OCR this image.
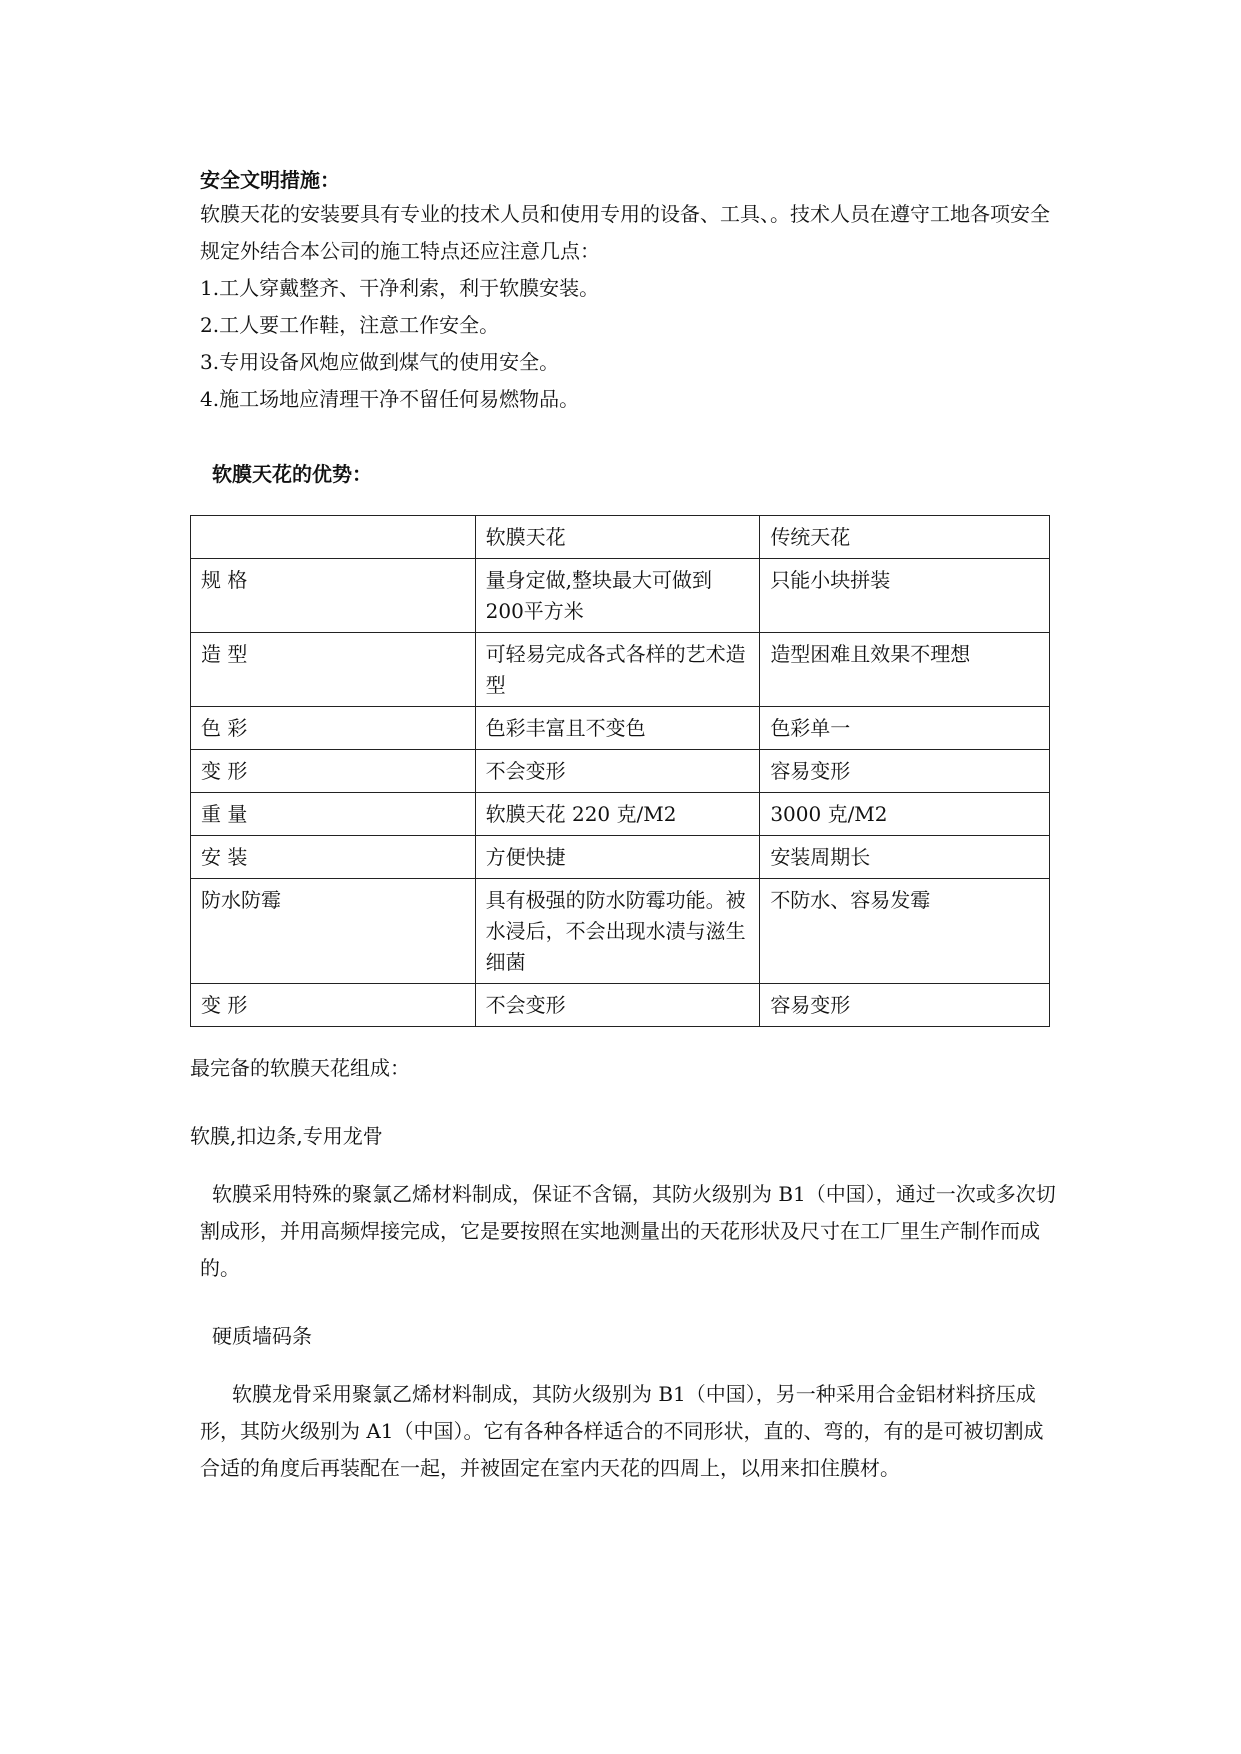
安全文明措施：
软膜天花的安装要具有专业的技术人员和使用专用的设备、工具、。技术人员在遵守工地各项安全规定外结合本公司的施工特点还应注意几点：
1.工人穿戴整齐、干净利索，利于软膜安装。
2.工人要工作鞋，注意工作安全。
3.专用设备风炮应做到煤气的使用安全。
4.施工场地应清理干净不留任何易燃物品。
软膜天花的优势：
	软膜天花	传统天花
规 格	量身定做,整块最大可做到200平方米	只能小块拼装
造 型	可轻易完成各式各样的艺术造型	造型困难且效果不理想
色 彩	色彩丰富且不变色	色彩单一
变 形	不会变形	容易变形
重 量	软膜天花 220 克/M2	3000 克/M2
安 装	方便快捷	安装周期长
防水防霉	具有极强的防水防霉功能。被水浸后，不会出现水渍与滋生细菌	不防水、容易发霉
变 形	不会变形	容易变形
最完备的软膜天花组成：
软膜,扣边条,专用龙骨
软膜采用特殊的聚氯乙烯材料制成，保证不含镉，其防火级别为 B1（中国），通过一次或多次切割成形，并用高频焊接完成，它是要按照在实地测量出的天花形状及尺寸在工厂里生产制作而成的。
硬质墙码条
软膜龙骨采用聚氯乙烯材料制成，其防火级别为 B1（中国），另一种采用合金铝材料挤压成形，其防火级别为 A1（中国）。它有各种各样适合的不同形状，直的、弯的，有的是可被切割成合适的角度后再装配在一起，并被固定在室内天花的四周上，以用来扣住膜材。
